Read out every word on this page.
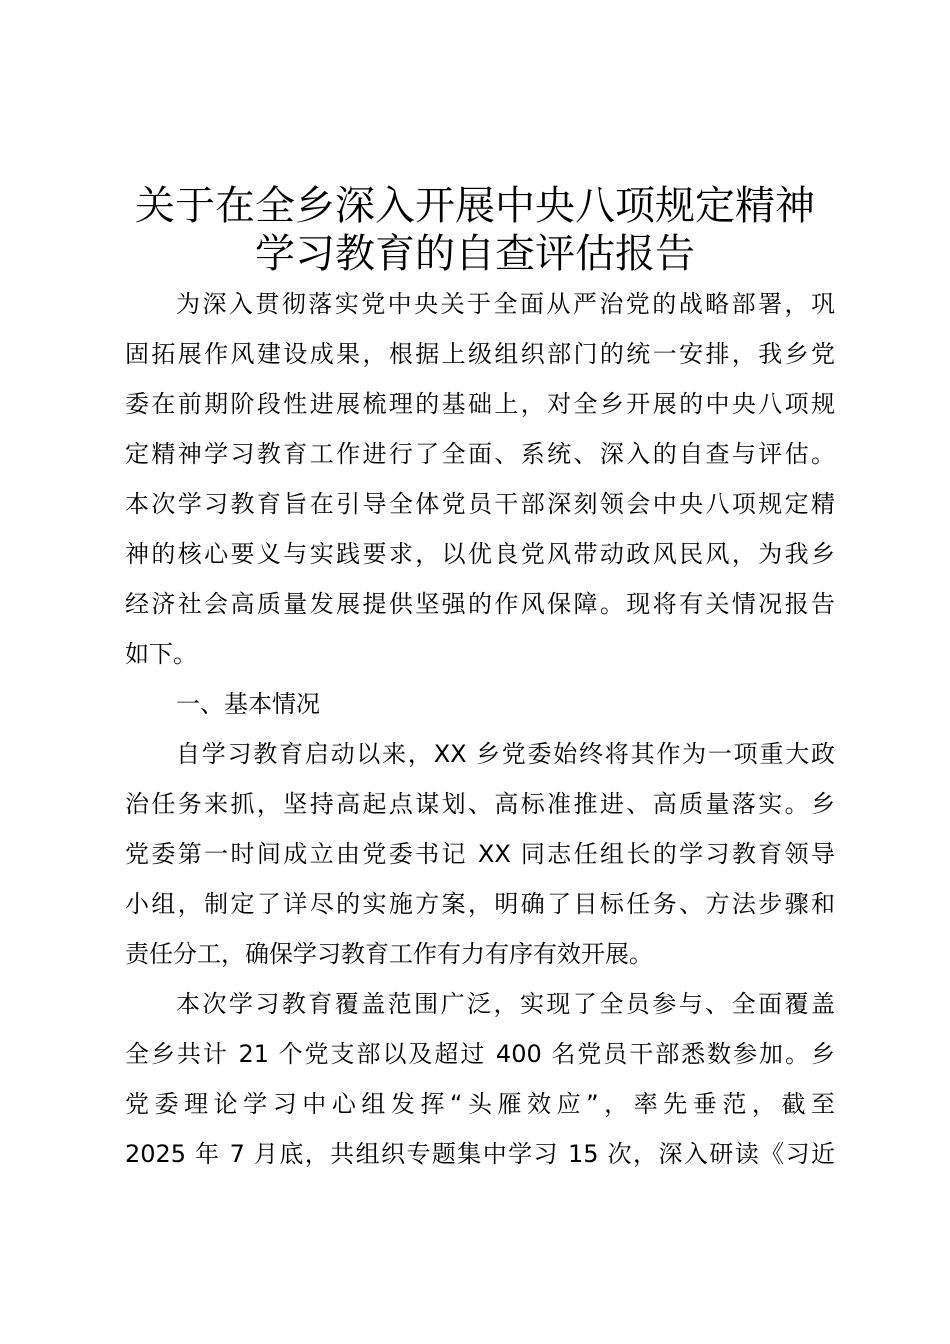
关于在全乡深入开展中央八项规定精神
学习教育的自查评估报告
为深入贯彻落实党中央关于全面从严治党的战略部署，巩
固拓展作风建设成果，根据上级组织部门的统一安排，我乡党
委在前期阶段性进展梳理的基础上，对全乡开展的中央八项规
定精神学习教育工作进行了全面、系统、深入的自查与评估。
本次学习教育旨在引导全体党员干部深刻领会中央八项规定精
神的核心要义与实践要求，以优良党风带动政风民风，为我乡
经济社会高质量发展提供坚强的作风保障。现将有关情况报告
如下。
一、基本情况
自学习教育启动以来，XX 乡党委始终将其作为一项重大政
治任务来抓，坚持高起点谋划、高标准推进、高质量落实。乡
党委第一时间成立由党委书记 XX 同志任组长的学习教育领导
小组，制定了详尽的实施方案，明确了目标任务、方法步骤和
责任分工，确保学习教育工作有力有序有效开展。
本次学习教育覆盖范围广泛，实现了全员参与、全面覆盖
全乡共计 21 个党支部以及超过 400 名党员干部悉数参加。乡
党委理论学习中心组发挥“头雁效应”，率先垂范，截至
2025 年 7 月底，共组织专题集中学习 15 次，深入研读《习近
